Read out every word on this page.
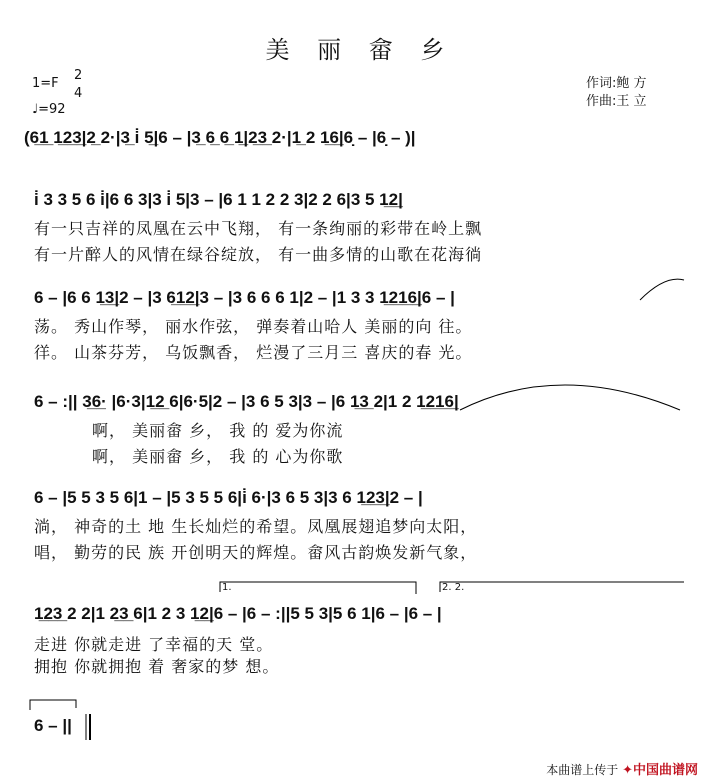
美 丽 畲 乡
1=F
2
4
♩=92
作词:鲍 方
作曲:王 立
(6̲1̲ 1̲2̲3̲|2̲ 2·|3̲ i̇ 5̲|6 – |3̲ 6̲ 6̲ 1̲|2̲3̲ 2·|1̲ 2 1̲6̲|6̣ – |6̣ – )|
i̇ 3 3 5 6 i̇|6 6 3|3 i̇ 5|3 – |6 1 1 2 2 3|2 2 6|3 5 1̲2̲|
有一只吉祥的凤凰在云中飞翔， 有一条绚丽的彩带在岭上飘
有一片醉人的风情在绿谷绽放， 有一曲多情的山歌在花海徜
6 – |6 6 1̲3̲|2 – |3 6̲1̲2̲|3 – |3 6 6 6 1|2 – |1 3 3 1̲2̲1̲6̲|6 – |
荡。 秀山作琴， 丽水作弦， 弹奏着山哈人 美丽的向 往。
徉。 山茶芬芳， 乌饭飘香， 烂漫了三月三 喜庆的春 光。
6 – :|| 3̲6̲· |6·3|1̲2̲ 6|6·5|2 – |3 6 5 3|3 – |6 1̲3̲ 2|1 2 1̲2̲1̲6̲|
啊， 美丽畲 乡， 我 的 爱为你流
啊， 美丽畲 乡， 我 的 心为你歌
6 – |5 5 3 5 6|1 – |5 3 5 5 6|i̇ 6·|3 6 5 3|3 6 1̲2̲3̲|2 – |
淌， 神奇的土 地 生长灿烂的希望。凤凰展翅追梦向太阳，
唱， 勤劳的民 族 开创明天的辉煌。畲风古韵焕发新气象，
1.	2. 2.
1̲2̲3̲ 2 2|1 2̲3̲ 6|1 2 3 1̲2̲|6 – |6 – :||5 5 3|5 6 1|6 – |6 – |
走进 你就走进 了幸福的天 堂。
拥抱 你就拥抱 着 奢家的梦 想。
6 – ||
本曲谱上传于 ✦中国曲谱网
